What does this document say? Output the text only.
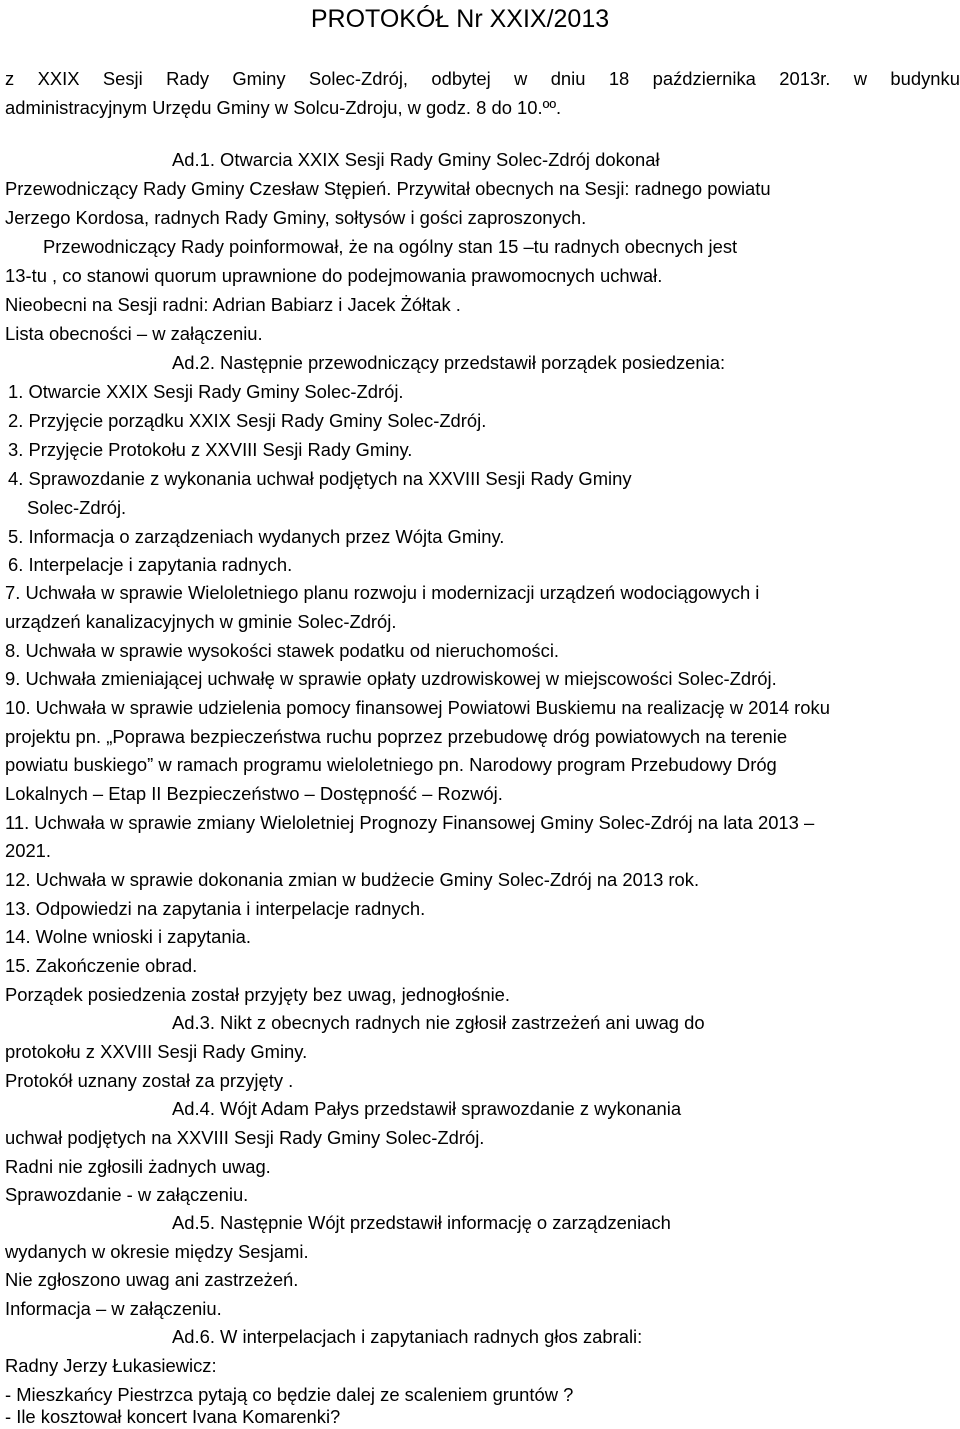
PROTOKÓŁ Nr XXIX/2013
z XXIX Sesji Rady Gminy Solec-Zdrój, odbytej w dniu 18 października 2013r. w budynku
administracyjnym Urzędu Gminy w Solcu-Zdroju, w godz. 8 do 10.ºº.
Ad.1. Otwarcia XXIX Sesji Rady Gminy Solec-Zdrój dokonał
Przewodniczący Rady Gminy Czesław Stępień. Przywitał obecnych na Sesji: radnego powiatu
Jerzego Kordosa, radnych Rady Gminy, sołtysów i gości zaproszonych.
Przewodniczący Rady poinformował, że na ogólny stan 15 –tu radnych obecnych jest
13-tu , co stanowi quorum uprawnione do podejmowania prawomocnych uchwał.
Nieobecni na Sesji radni: Adrian Babiarz i Jacek Żółtak .
Lista obecności – w załączeniu.
Ad.2. Następnie przewodniczący przedstawił porządek posiedzenia:
1. Otwarcie XXIX Sesji Rady Gminy Solec-Zdrój.
2. Przyjęcie porządku XXIX Sesji Rady Gminy Solec-Zdrój.
3. Przyjęcie Protokołu z XXVIII Sesji Rady Gminy.
4. Sprawozdanie z wykonania uchwał podjętych na XXVIII Sesji Rady Gminy
Solec-Zdrój.
5. Informacja o zarządzeniach wydanych przez Wójta Gminy.
6. Interpelacje i zapytania radnych.
7. Uchwała w sprawie Wieloletniego planu rozwoju i modernizacji urządzeń wodociągowych i
urządzeń kanalizacyjnych w gminie Solec-Zdrój.
8. Uchwała w sprawie wysokości stawek podatku od nieruchomości.
9. Uchwała zmieniającej uchwałę w sprawie opłaty uzdrowiskowej w miejscowości Solec-Zdrój.
10. Uchwała w sprawie udzielenia pomocy finansowej Powiatowi Buskiemu na realizację w 2014 roku
projektu pn. „Poprawa bezpieczeństwa ruchu poprzez przebudowę dróg powiatowych na terenie
powiatu buskiego” w ramach programu wieloletniego pn. Narodowy program Przebudowy Dróg
Lokalnych – Etap II Bezpieczeństwo – Dostępność – Rozwój.
11. Uchwała w sprawie zmiany Wieloletniej Prognozy Finansowej Gminy Solec-Zdrój na lata 2013 –
2021.
12. Uchwała w sprawie dokonania zmian w budżecie Gminy Solec-Zdrój na 2013 rok.
13. Odpowiedzi na zapytania i interpelacje radnych.
14. Wolne wnioski i zapytania.
15. Zakończenie obrad.
Porządek posiedzenia został przyjęty bez uwag, jednogłośnie.
Ad.3. Nikt z obecnych radnych nie zgłosił zastrzeżeń ani uwag do
protokołu z XXVIII Sesji Rady Gminy.
Protokół uznany został za przyjęty .
Ad.4. Wójt Adam Pałys przedstawił sprawozdanie z wykonania
uchwał podjętych na XXVIII Sesji Rady Gminy Solec-Zdrój.
Radni nie zgłosili żadnych uwag.
Sprawozdanie - w załączeniu.
Ad.5. Następnie Wójt przedstawił informację o zarządzeniach
wydanych w okresie między Sesjami.
Nie zgłoszono uwag ani zastrzeżeń.
Informacja – w załączeniu.
Ad.6. W interpelacjach i zapytaniach radnych głos zabrali:
Radny Jerzy Łukasiewicz:
- Mieszkańcy Piestrzca pytają co będzie dalej ze scaleniem gruntów ?
- Ile kosztował koncert Ivana Komarenki?
